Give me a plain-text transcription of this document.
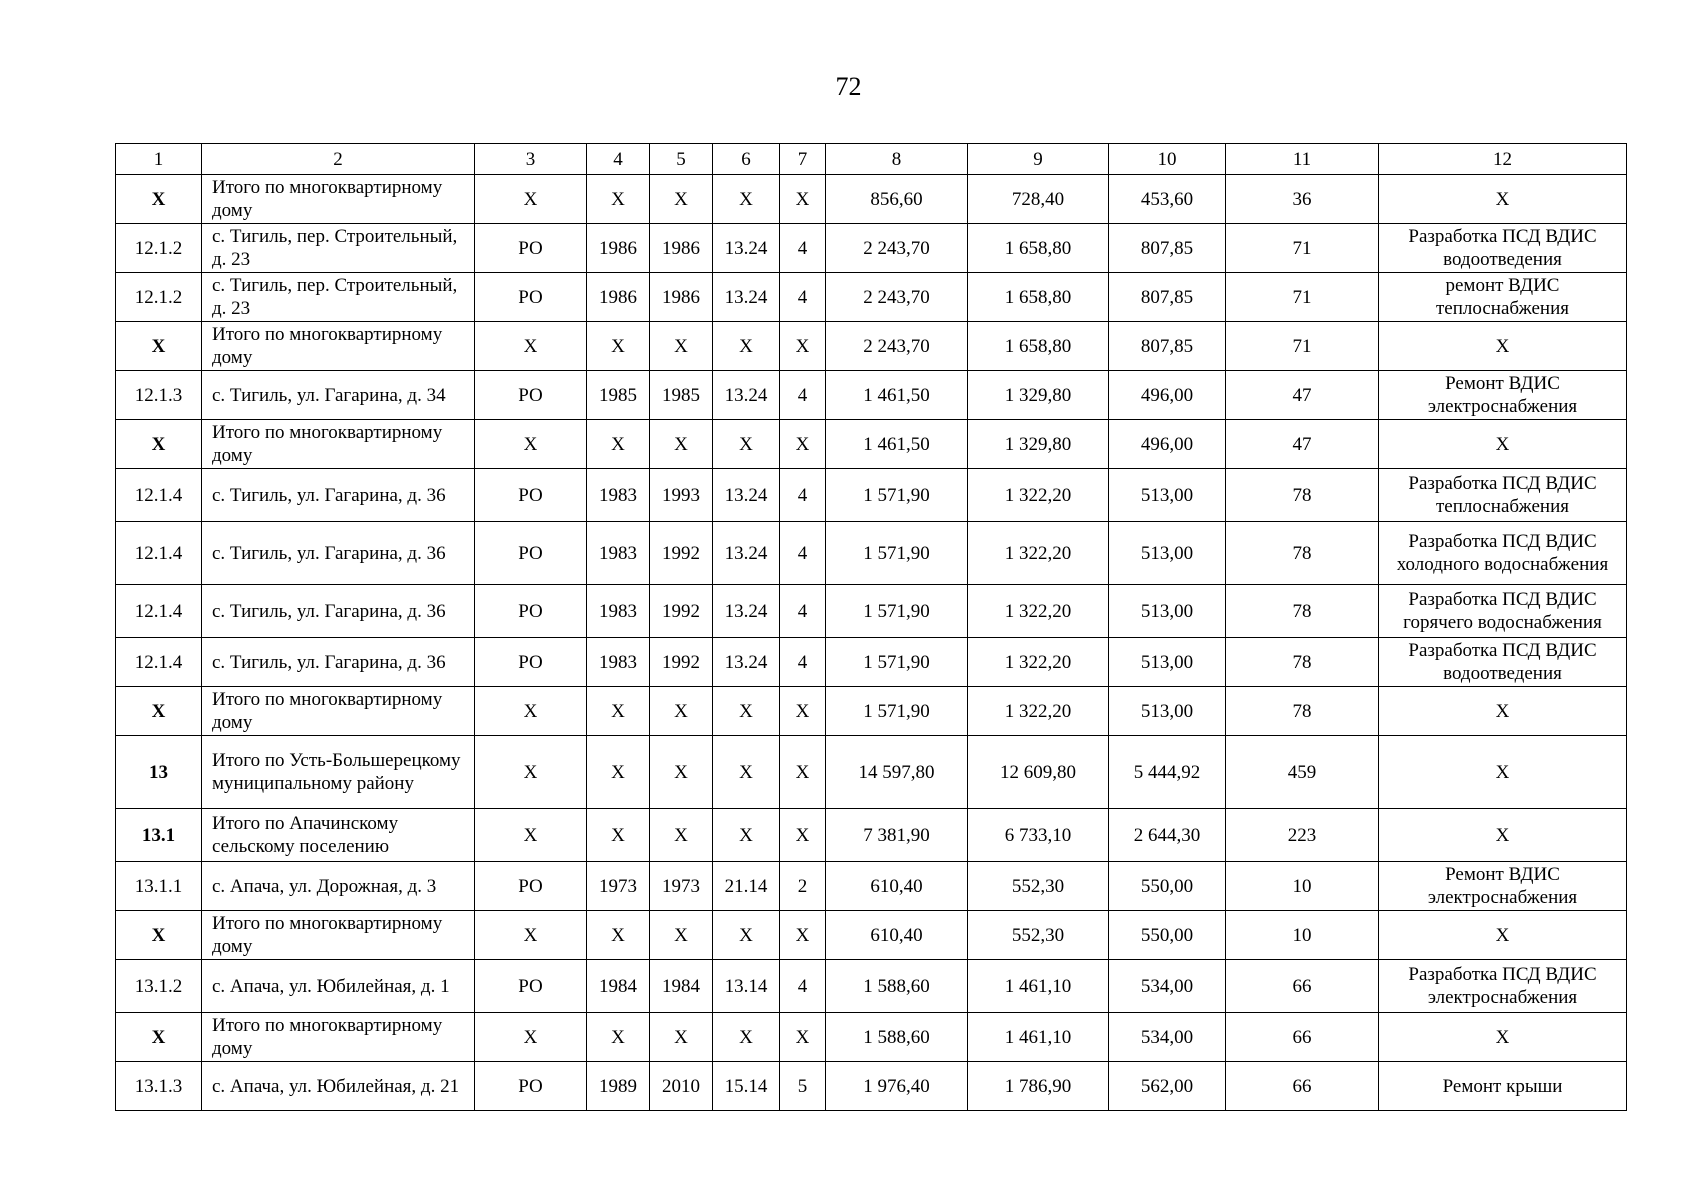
72
1	2	3	4	5	6	7	8	9	10	11	12
X	Итого по многоквартирному дому	X	X	X	X	X	856,60	728,40	453,60	36	X
12.1.2	с. Тигиль, пер. Строительный, д. 23	РО	1986	1986	13.24	4	2 243,70	1 658,80	807,85	71	Разработка ПСД ВДИС водоотведения
12.1.2	с. Тигиль, пер. Строительный, д. 23	РО	1986	1986	13.24	4	2 243,70	1 658,80	807,85	71	ремонт ВДИС теплоснабжения
X	Итого по многоквартирному дому	X	X	X	X	X	2 243,70	1 658,80	807,85	71	X
12.1.3	с. Тигиль, ул. Гагарина, д. 34	РО	1985	1985	13.24	4	1 461,50	1 329,80	496,00	47	Ремонт ВДИС электроснабжения
X	Итого по многоквартирному дому	X	X	X	X	X	1 461,50	1 329,80	496,00	47	X
12.1.4	с. Тигиль, ул. Гагарина, д. 36	РО	1983	1993	13.24	4	1 571,90	1 322,20	513,00	78	Разработка ПСД ВДИС теплоснабжения
12.1.4	с. Тигиль, ул. Гагарина, д. 36	РО	1983	1992	13.24	4	1 571,90	1 322,20	513,00	78	Разработка ПСД ВДИС холодного водоснабжения
12.1.4	с. Тигиль, ул. Гагарина, д. 36	РО	1983	1992	13.24	4	1 571,90	1 322,20	513,00	78	Разработка ПСД ВДИС горячего водоснабжения
12.1.4	с. Тигиль, ул. Гагарина, д. 36	РО	1983	1992	13.24	4	1 571,90	1 322,20	513,00	78	Разработка ПСД ВДИС водоотведения
X	Итого по многоквартирному дому	X	X	X	X	X	1 571,90	1 322,20	513,00	78	X
13	Итого по Усть-Большерецкому муниципальному району	X	X	X	X	X	14 597,80	12 609,80	5 444,92	459	X
13.1	Итого по Апачинскому сельскому поселению	X	X	X	X	X	7 381,90	6 733,10	2 644,30	223	X
13.1.1	с. Апача, ул. Дорожная, д. 3	РО	1973	1973	21.14	2	610,40	552,30	550,00	10	Ремонт ВДИС электроснабжения
X	Итого по многоквартирному дому	X	X	X	X	X	610,40	552,30	550,00	10	X
13.1.2	с. Апача, ул. Юбилейная, д. 1	РО	1984	1984	13.14	4	1 588,60	1 461,10	534,00	66	Разработка ПСД ВДИС электроснабжения
X	Итого по многоквартирному дому	X	X	X	X	X	1 588,60	1 461,10	534,00	66	X
13.1.3	с. Апача, ул. Юбилейная, д. 21	РО	1989	2010	15.14	5	1 976,40	1 786,90	562,00	66	Ремонт крыши
